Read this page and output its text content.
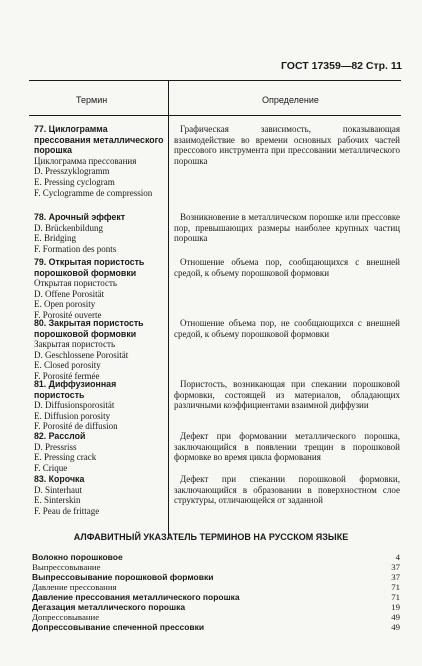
ГОСТ 17359—82 Стр. 11
Термин	Определение
77. Циклограмма прессования металлического порошка
Циклограмма прессования
D. Presszyklogramm
E. Pressing cyclogram
F. Cyclogramme de compression
Графическая зависимость, показывающая взаимодействие во времени основных рабочих частей прессового инструмента при прессовании металлического порошка
78. Арочный эффект
D. Brückenbildung
E. Bridging
F. Formation des ponts
Возникновение в металлическом порошке или прессовке пор, превышающих размеры наиболее крупных частиц порошка
79. Открытая пористость порошковой формовки
Открытая пористость
D. Offene Porosität
E. Open porosity
F. Porosité ouverte
Отношение объема пор, сообщающихся с внешней средой, к объему порошковой формовки
80. Закрытая пористость порошковой формовки
Закрытая пористость
D. Geschlossene Porosität
E. Closed porosity
F. Porosité fermée
Отношение объема пор, не сообщающихся с внешней средой, к объему порошковой формовки
81. Диффузионная пористость
D. Diffusionsporosität
E. Diffusion porosity
F. Porosité de diffusion
Пористость, возникающая при спекании порошковой формовки, состоящей из материалов, обладающих различными коэффициентами взаимной диффузии
82. Расслой
D. Pressriss
E. Pressing crack
F. Crique
Дефект при формовании металлического порошка, заключающийся в появлении трещин в порошковой формовке во время цикла формования
83. Корочка
D. Sinterhaut
E. Sinterskin
F. Peau de frittage
Дефект при спекании порошковой формовки, заключающийся в образовании в поверхностном слое структуры, отличающейся от заданной
АЛФАВИТНЫЙ УКАЗАТЕЛЬ ТЕРМИНОВ НА РУССКОМ ЯЗЫКЕ
Волокно порошковое	4
Выпрессовывание	37
Выпрессовывание порошковой формовки	37
Давление прессования	71
Давление прессования металлического порошка	71
Дегазация металлического порошка	19
Допрессовывание	49
Допрессовывание спеченной прессовки	49
